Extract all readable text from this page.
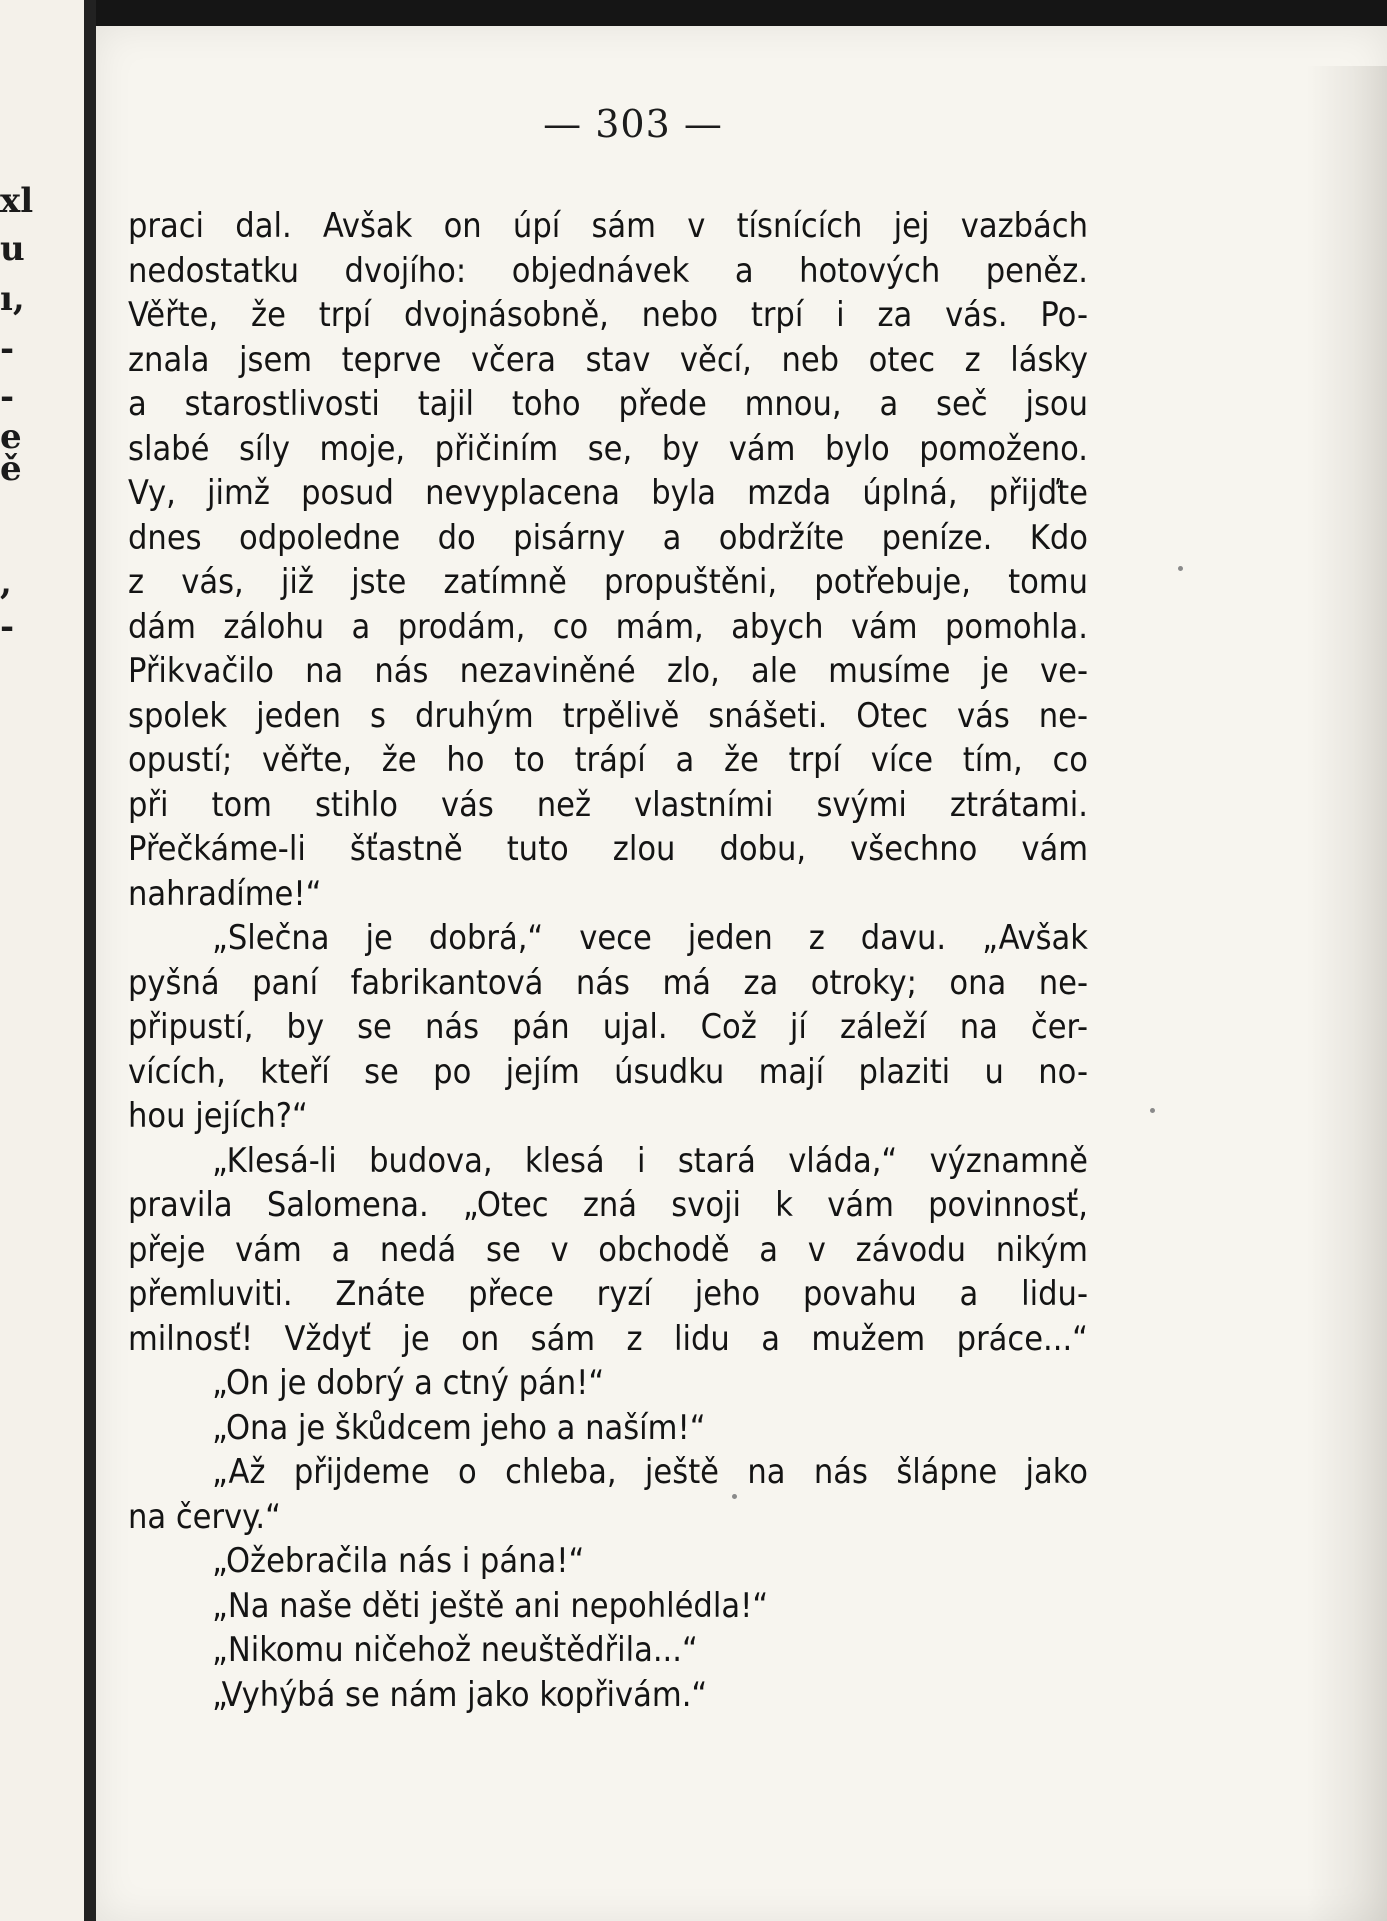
xl
u
ı,
-
-
e
ě
,
-
— 303 —
praci dal. Avšak on úpí sám v tísnících jej vazbách
nedostatku dvojího: objednávek a hotových peněz.
Věřte, že trpí dvojnásobně, nebo trpí i za vás. Po-
znala jsem teprve včera stav věcí, neb otec z lásky
a starostlivosti tajil toho přede mnou, a seč jsou
slabé síly moje, přičiním se, by vám bylo pomoženo.
Vy, jimž posud nevyplacena byla mzda úplná, přijďte
dnes odpoledne do pisárny a obdržíte peníze. Kdo
z vás, již jste zatímně propuštěni, potřebuje, tomu
dám zálohu a prodám, co mám, abych vám pomohla.
Přikvačilo na nás nezaviněné zlo, ale musíme je ve-
spolek jeden s druhým trpělivě snášeti. Otec vás ne-
opustí; věřte, že ho to trápí a že trpí více tím, co
při tom stihlo vás než vlastními svými ztrátami.
Přečkáme-li šťastně tuto zlou dobu, všechno vám
nahradíme!“
„Slečna je dobrá,“ vece jeden z davu. „Avšak
pyšná paní fabrikantová nás má za otroky; ona ne-
připustí, by se nás pán ujal. Což jí záleží na čer-
vících, kteří se po jejím úsudku mají plaziti u no-
hou jejích?“
„Klesá-li budova, klesá i stará vláda,“ významně
pravila Salomena. „Otec zná svoji k vám povinnosť,
přeje vám a nedá se v obchodě a v závodu nikým
přemluviti. Znáte přece ryzí jeho povahu a lidu-
milnosť! Vždyť je on sám z lidu a mužem práce...“
„On je dobrý a ctný pán!“
„Ona je škůdcem jeho a naším!“
„Až přijdeme o chleba, ještě na nás šlápne jako
na červy.“
„Ožebračila nás i pána!“
„Na naše děti ještě ani nepohlédla!“
„Nikomu ničehož neuštědřila...“
„Vyhýbá se nám jako kopřivám.“
